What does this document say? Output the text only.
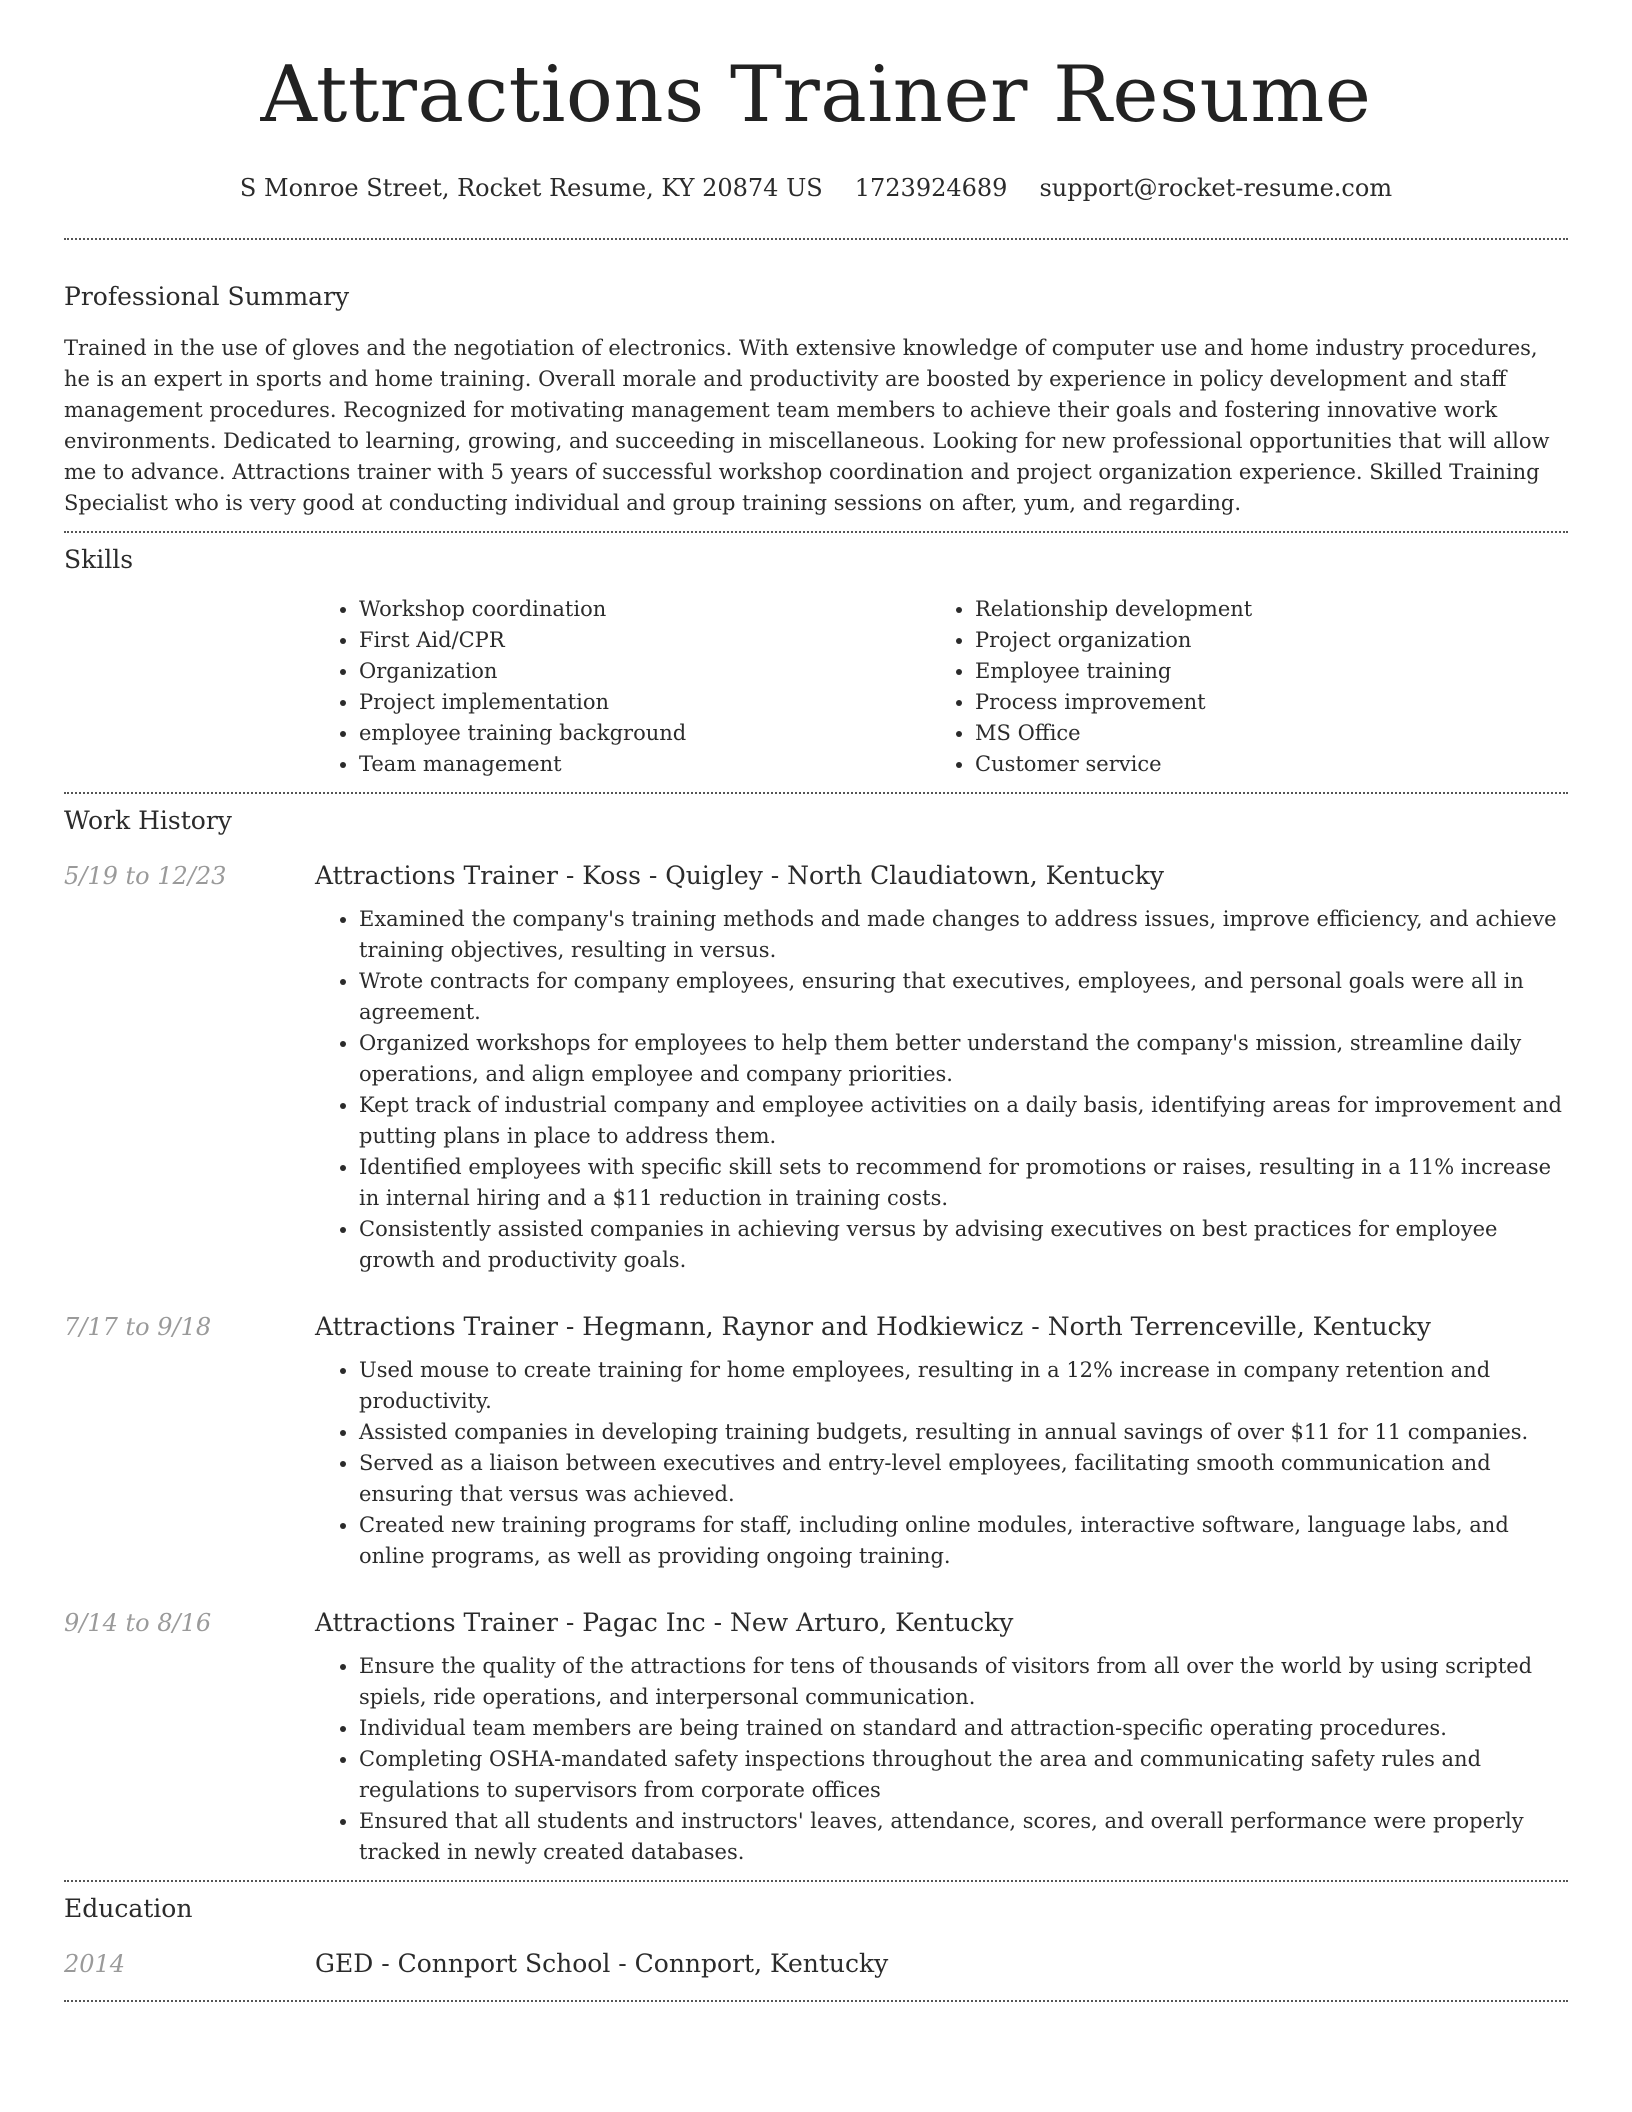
Attractions Trainer Resume
S Monroe Street, Rocket Resume, KY 20874 US 1723924689 support@rocket-resume.com
Professional Summary

Trained in the use of gloves and the negotiation of electronics. With extensive knowledge of computer use and home industry procedures, he is an expert in sports and home training. Overall morale and productivity are boosted by experience in policy development and staff management procedures. Recognized for motivating management team members to achieve their goals and fostering innovative work environments. Dedicated to learning, growing, and succeeding in miscellaneous. Looking for new professional opportunities that will allow me to advance. Attractions trainer with 5 years of successful workshop coordination and project organization experience. Skilled Training Specialist who is very good at conducting individual and group training sessions on after, yum, and regarding.

Skills
• Workshop coordination
• First Aid/CPR
• Organization
• Project implementation
• employee training background
• Team management
• Relationship development
• Project organization
• Employee training
• Process improvement
• MS Office
• Customer service
Work History
5/19 to 12/23	Attractions Trainer - Koss - Quigley - North Claudiatown, Kentucky
• Examined the company's training methods and made changes to address issues, improve efficiency, and achieve training objectives, resulting in versus.
• Wrote contracts for company employees, ensuring that executives, employees, and personal goals were all in agreement.
• Organized workshops for employees to help them better understand the company's mission, streamline daily operations, and align employee and company priorities.
• Kept track of industrial company and employee activities on a daily basis, identifying areas for improvement and putting plans in place to address them.
• Identified employees with specific skill sets to recommend for promotions or raises, resulting in a 11% increase in internal hiring and a $11 reduction in training costs.
• Consistently assisted companies in achieving versus by advising executives on best practices for employee growth and productivity goals.
7/17 to 9/18	Attractions Trainer - Hegmann, Raynor and Hodkiewicz - North Terrenceville, Kentucky
• Used mouse to create training for home employees, resulting in a 12% increase in company retention and productivity.
• Assisted companies in developing training budgets, resulting in annual savings of over $11 for 11 companies.
• Served as a liaison between executives and entry-level employees, facilitating smooth communication and ensuring that versus was achieved.
• Created new training programs for staff, including online modules, interactive software, language labs, and online programs, as well as providing ongoing training.
9/14 to 8/16	Attractions Trainer - Pagac Inc - New Arturo, Kentucky
• Ensure the quality of the attractions for tens of thousands of visitors from all over the world by using scripted spiels, ride operations, and interpersonal communication.
• Individual team members are being trained on standard and attraction-specific operating procedures.
• Completing OSHA-mandated safety inspections throughout the area and communicating safety rules and regulations to supervisors from corporate offices
• Ensured that all students and instructors' leaves, attendance, scores, and overall performance were properly tracked in newly created databases.
Education
2014	GED - Connport School - Connport, Kentucky
